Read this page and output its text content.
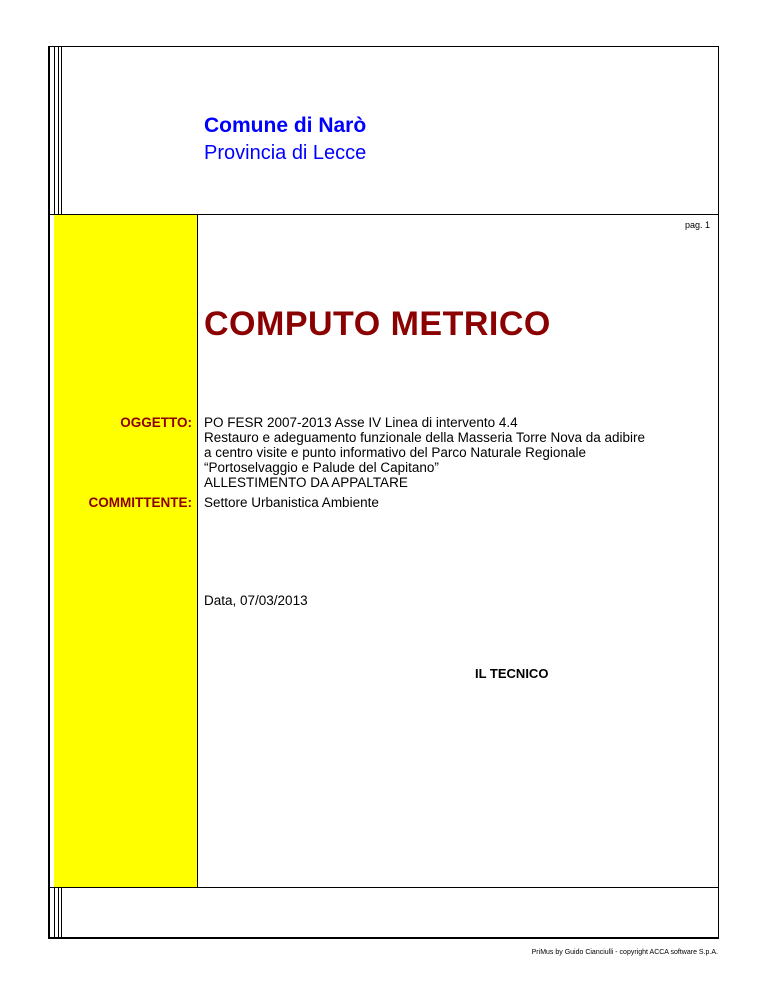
Comune di Narò
Provincia di Lecce
pag. 1
COMPUTO METRICO
OGGETTO: PO FESR 2007-2013 Asse IV Linea di intervento 4.4
Restauro e adeguamento funzionale della Masseria Torre Nova da adibire
a centro visite e punto informativo del Parco Naturale Regionale
“Portoselvaggio e Palude del Capitano”
ALLESTIMENTO DA APPALTARE
COMMITTENTE: Settore Urbanistica Ambiente
Data, 07/03/2013
IL TECNICO
PriMus by Guido Cianciulli - copyright ACCA software S.p.A.
